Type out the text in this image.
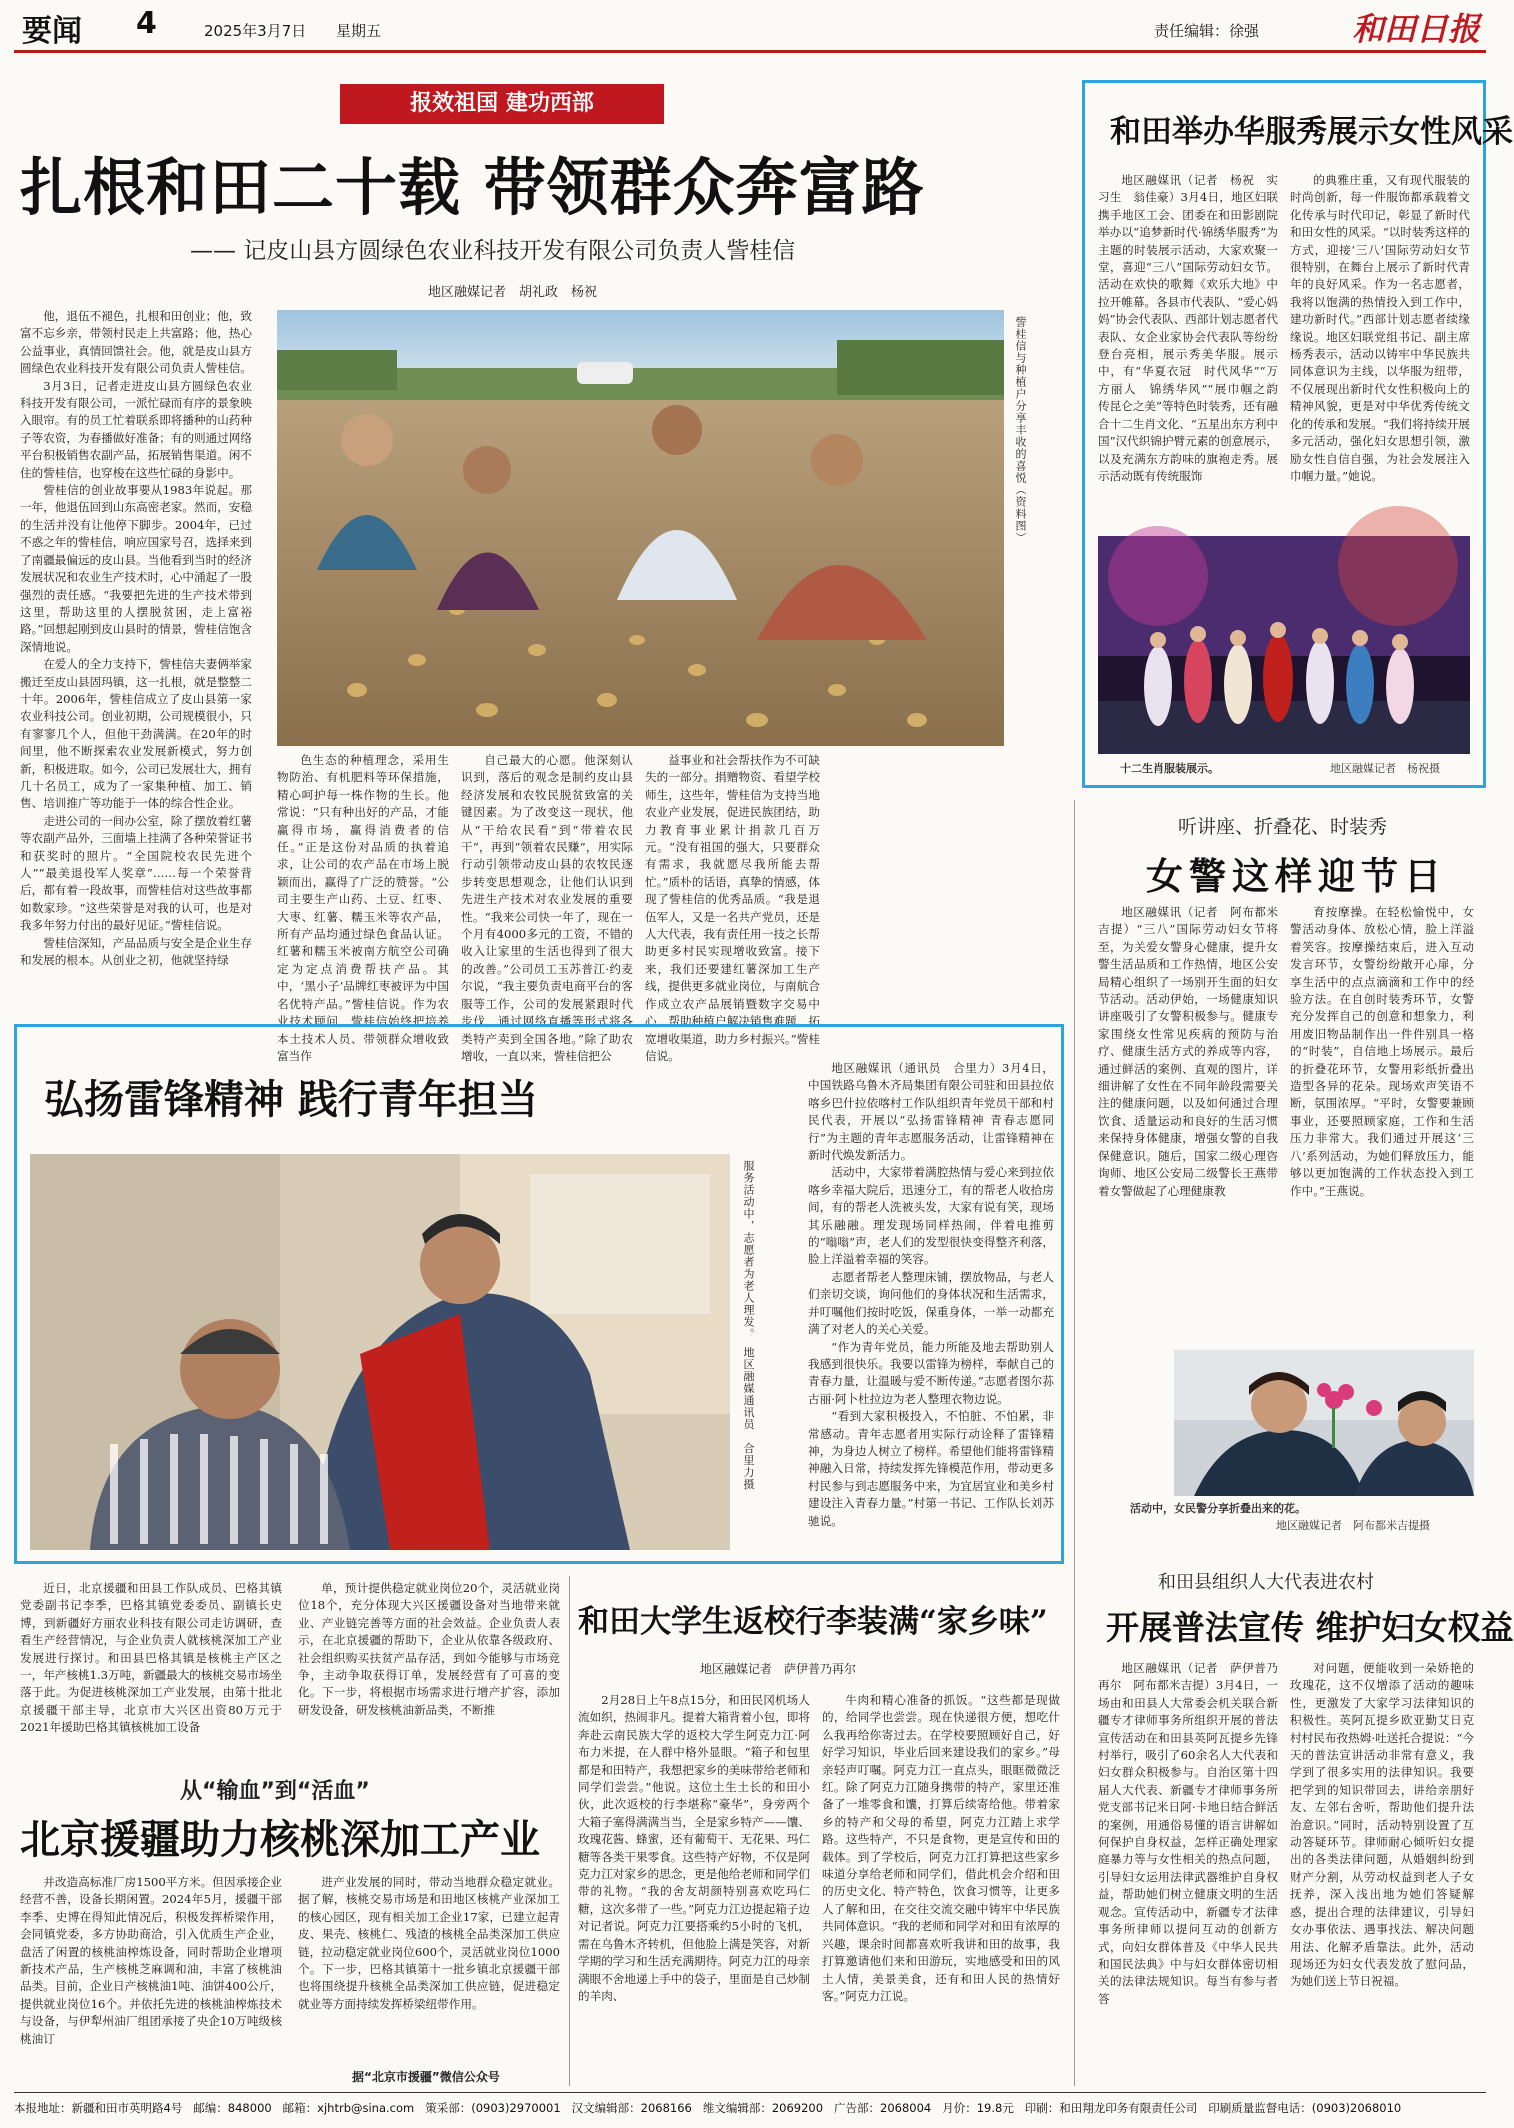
要闻 4	2025年3月7日 星期五	责任编辑：徐强	和田日报
报效祖国 建功西部
扎根和田二十载 带领群众奔富路
—— 记皮山县方圆绿色农业科技开发有限公司负责人訾桂信
地区融媒记者　胡礼政　杨祝

他，退伍不褪色，扎根和田创业；他，致富不忘乡亲，带领村民走上共富路；他，热心公益事业，真情回馈社会。他，就是皮山县方圆绿色农业科技开发有限公司负责人訾桂信。

3月3日，记者走进皮山县方圆绿色农业科技开发有限公司，一派忙碌而有序的景象映入眼帘。有的员工忙着联系即将播种的山药种子等农资，为春播做好准备；有的则通过网络平台积极销售农副产品，拓展销售渠道。闲不住的訾桂信，也穿梭在这些忙碌的身影中。

訾桂信的创业故事要从1983年说起。那一年，他退伍回到山东高密老家。然而，安稳的生活并没有让他停下脚步。2004年，已过不惑之年的訾桂信，响应国家号召，选择来到了南疆最偏远的皮山县。当他看到当时的经济发展状况和农业生产技术时，心中涌起了一股强烈的责任感。“我要把先进的生产技术带到这里，帮助这里的人摆脱贫困，走上富裕路。”回想起刚到皮山县时的情景，訾桂信饱含深情地说。

在爱人的全力支持下，訾桂信夫妻俩举家搬迁至皮山县固玛镇，这一扎根，就是整整二十年。2006年，訾桂信成立了皮山县第一家农业科技公司。创业初期，公司规模很小，只有寥寥几个人，但他干劲满满。在20年的时间里，他不断探索农业发展新模式，努力创新，积极进取。如今，公司已发展壮大，拥有几十名员工，成为了一家集种植、加工、销售、培训推广等功能于一体的综合性企业。

走进公司的一间办公室，除了摆放着红薯等农副产品外，三面墙上挂满了各种荣誉证书和获奖时的照片。“全国院校农民先进个人”“最美退役军人奖章”……每一个荣誉背后，都有着一段故事，而訾桂信对这些故事都如数家珍。“这些荣誉是对我的认可，也是对我多年努力付出的最好见证。”訾桂信说。

訾桂信深知，产品品质与安全是企业生存和发展的根本。从创业之初，他就坚持绿

訾桂信与种植户分享丰收的喜悦（资料图）

色生态的种植理念，采用生物防治、有机肥料等环保措施，精心呵护每一株作物的生长。他常说：“只有种出好的产品，才能赢得市场，赢得消费者的信任。”正是这份对品质的执着追求，让公司的农产品在市场上脱颖而出，赢得了广泛的赞誉。“公司主要生产山药、土豆、红枣、大枣、红薯、糯玉米等农产品，所有产品均通过绿色食品认证。红薯和糯玉米被南方航空公司确定为定点消费帮扶产品。其中，‘黑小子’品牌红枣被评为中国名优特产品。”訾桂信说。作为农业技术顾问，訾桂信始终把培养本土技术人员、带领群众增收致富当作

自己最大的心愿。他深刻认识到，落后的观念是制约皮山县经济发展和农牧民脱贫致富的关键因素。为了改变这一现状，他从“干给农民看”到“带着农民干”，再到“领着农民赚”，用实际行动引领带动皮山县的农牧民逐步转变思想观念，让他们认识到先进生产技术对农业发展的重要性。“我来公司快一年了，现在一个月有4000多元的工资，不错的收入让家里的生活也得到了很大的改善。”公司员工玉苏普江·约麦尔说，“我主要负责电商平台的客服等工作，公司的发展紧跟时代步伐，通过网络直播等形式将各类特产卖到全国各地。”除了助农增收，一直以来，訾桂信把公

益事业和社会帮扶作为不可缺失的一部分。捐赠物资、看望学校师生，这些年，訾桂信为支持当地农业产业发展，促进民族团结，助力教育事业累计捐款几百万元。“没有祖国的强大，只要群众有需求，我就愿尽我所能去帮忙。”质朴的话语，真挚的情感，体现了訾桂信的优秀品质。“我是退伍军人，又是一名共产党员，还是人大代表，我有责任用一技之长帮助更多村民实现增收致富。接下来，我们还要建红薯深加工生产线，提供更多就业岗位，与南航合作成立农产品展销暨数字交易中心，帮助种植户解决销售难题，拓宽增收渠道，助力乡村振兴。”訾桂信说。

弘扬雷锋精神 践行青年担当
服务活动中，志愿者为老人理发。　地区融媒通讯员　合里力摄

地区融媒讯（通讯员　合里力）3月4日，中国铁路乌鲁木齐局集团有限公司驻和田县拉依喀乡巴什拉依喀村工作队组织青年党员干部和村民代表，开展以“弘扬雷锋精神 青春志愿同行”为主题的青年志愿服务活动，让雷锋精神在新时代焕发新活力。

活动中，大家带着满腔热情与爱心来到拉依喀乡幸福大院后，迅速分工，有的帮老人收拾房间，有的帮老人洗被头发，大家有说有笑，现场其乐融融。理发现场同样热闹，伴着电推剪的“嗡嗡”声，老人们的发型很快变得整齐利落，脸上洋溢着幸福的笑容。

志愿者帮老人整理床铺，摆放物品，与老人们亲切交谈，询问他们的身体状况和生活需求，并叮嘱他们按时吃饭，保重身体，一举一动都充满了对老人的关心关爱。

“作为青年党员，能力所能及地去帮助别人我感到很快乐。我要以雷锋为榜样，奉献自己的青春力量，让温暖与爱不断传递。”志愿者图尔荪古丽·阿卜杜拉边为老人整理衣物边说。

“看到大家积极投入，不怕脏、不怕累，非常感动。青年志愿者用实际行动诠释了雷锋精神，为身边人树立了榜样。希望他们能将雷锋精神融入日常，持续发挥先锋模范作用，带动更多村民参与到志愿服务中来，为宜居宜业和美乡村建设注入青春力量。”村第一书记、工作队长刘苏驰说。

近日，北京援疆和田县工作队成员、巴格其镇党委副书记李季，巴格其镇党委委员、副镇长史博，到新疆好方丽农业科技有限公司走访调研，查看生产经营情况，与企业负责人就核桃深加工产业发展进行探讨。和田县巴格其镇是核桃主产区之一，年产核桃1.3万吨，新疆最大的核桃交易市场坐落于此。为促进核桃深加工产业发展，由第十批北京援疆干部主导，北京市大兴区出资80万元于2021年援助巴格其镇核桃加工设备

单，预计提供稳定就业岗位20个，灵活就业岗位18个，充分体现大兴区援疆设备对当地带来就业、产业链完善等方面的社会效益。企业负责人表示，在北京援疆的帮助下，企业从依靠各级政府、社会组织购买扶贫产品存活，到如今能够与市场竞争，主动争取获得订单，发展经营有了可喜的变化。下一步，将根据市场需求进行增产扩容，添加研发设备，研发核桃油新品类，不断推

从“输血”到“活血”
北京援疆助力核桃深加工产业

并改造高标准厂房1500平方米。但因承接企业经营不善，设备长期闲置。2024年5月，援疆干部李季、史博在得知此情况后，积极发挥桥梁作用，会同镇党委，多方协助商洽，引入优质生产企业，盘活了闲置的核桃油榨炼设备，同时帮助企业增项新技术产品，生产核桃芝麻调和油，丰富了核桃油品类。目前，企业日产核桃油1吨、油饼400公斤，提供就业岗位16个。并依托先进的核桃油榨炼技术与设备，与伊犁州油厂组团承接了央企10万吨级核桃油订

进产业发展的同时，带动当地群众稳定就业。据了解，核桃交易市场是和田地区核桃产业深加工的核心园区，现有相关加工企业17家，已建立起青皮、果壳、核桃仁、残渣的核桃全品类深加工供应链，拉动稳定就业岗位600个，灵活就业岗位1000个。下一步，巴格其镇第十一批乡镇北京援疆干部也将围绕提升核桃全品类深加工供应链，促进稳定就业等方面持续发挥桥梁纽带作用。

据“北京市援疆”微信公众号
和田大学生返校行李装满“家乡味”
地区融媒记者　萨伊普乃再尔

2月28日上午8点15分，和田民冈机场人流如织，热闹非凡。提着大箱背着小包，即将奔赴云南民族大学的返校大学生阿克力江·阿布力米提，在人群中格外显眼。“箱子和包里都是和田特产，我想把家乡的美味带给老师和同学们尝尝。”他说。这位土生土长的和田小伙，此次返校的行李堪称“豪华”，身旁两个大箱子塞得满满当当，全是家乡特产——馕、玫瑰花酱、蜂蜜，还有葡萄干、无花果、玛仁糖等各类干果零食。这些特产好物，不仅是阿克力江对家乡的思念，更是他给老师和同学们带的礼物。“我的舍友胡颜特别喜欢吃玛仁糖，这次多带了一些。”阿克力江边提起箱子边对记者说。阿克力江要搭乘约5小时的飞机，需在乌鲁木齐转机，但他脸上满是笑容，对新学期的学习和生活充满期待。阿克力江的母亲满眼不舍地递上手中的袋子，里面是自己炒制的羊肉、

牛肉和精心准备的抓饭。“这些都是现做的，给同学也尝尝。现在快递很方便，想吃什么我再给你寄过去。在学校要照顾好自己，好好学习知识，毕业后回来建设我们的家乡。”母亲轻声叮嘱。阿克力江一直点头，眼眶微微泛红。除了阿克力江随身携带的特产，家里还准备了一堆零食和馕，打算后续寄给他。带着家乡的特产和父母的希望，阿克力江踏上求学路。这些特产，不只是食物，更是宣传和田的载体。到了学校后，阿克力江打算把这些家乡味道分享给老师和同学们，借此机会介绍和田的历史文化、特产特色，饮食习惯等，让更多人了解和田，在交往交流交融中铸牢中华民族共同体意识。“我的老师和同学对和田有浓厚的兴趣，课余时间都喜欢听我讲和田的故事，我打算邀请他们来和田游玩，实地感受和田的风土人情，美景美食，还有和田人民的热情好客。”阿克力江说。

和田举办华服秀展示女性风采

地区融媒讯（记者　杨祝　实习生　翁佳豪）3月4日，地区妇联携手地区工会、团委在和田影剧院举办以“追梦新时代·锦绣华服秀”为主题的时装展示活动，大家欢聚一堂，喜迎“三八”国际劳动妇女节。活动在欢快的歌舞《欢乐大地》中拉开帷幕。各县市代表队、“爱心妈妈”协会代表队、西部计划志愿者代表队、女企业家协会代表队等纷纷登台亮相，展示秀美华服。展示中，有“华夏衣冠　时代风华”“万方丽人　锦绣华风”“展巾帼之韵　传昆仑之美”等特色时装秀，还有融合十二生肖文化、“五星出东方利中国”汉代织锦护臂元素的创意展示，以及充满东方韵味的旗袍走秀。展示活动既有传统服饰

的典雅庄重，又有现代服装的时尚创新，每一件服饰都承载着文化传承与时代印记，彰显了新时代和田女性的风采。“以时装秀这样的方式，迎接‘三八’国际劳动妇女节很特别，在舞台上展示了新时代青年的良好风采。作为一名志愿者，我将以饱满的热情投入到工作中，建功新时代。”西部计划志愿者续缘缘说。地区妇联党组书记、副主席杨秀表示，活动以铸牢中华民族共同体意识为主线，以华服为纽带，不仅展现出新时代女性积极向上的精神风貌，更是对中华优秀传统文化的传承和发展。“我们将持续开展多元活动，强化妇女思想引领，激励女性自信自强，为社会发展注入巾帼力量。”她说。

十二生肖服装展示。	地区融媒记者　杨祝摄
听讲座、折叠花、时装秀
女警这样迎节日

地区融媒讯（记者　阿布都米吉提）“三八”国际劳动妇女节将至，为关爱女警身心健康，提升女警生活品质和工作热情，地区公安局精心组织了一场别开生面的妇女节活动。活动伊始，一场健康知识讲座吸引了女警积极参与。健康专家围绕女性常见疾病的预防与治疗、健康生活方式的养成等内容，通过鲜活的案例、直观的图片，详细讲解了女性在不同年龄段需要关注的健康问题，以及如何通过合理饮食、适量运动和良好的生活习惯来保持身体健康，增强女警的自我保健意识。随后，国家二级心理咨询师、地区公安局二级警长王燕带着女警做起了心理健康教

育按摩操。在轻松愉悦中，女警活动身体、放松心情，脸上洋溢着笑容。按摩操结束后，进入互动发言环节，女警纷纷敞开心扉，分享生活中的点点滴滴和工作中的经验方法。在自创时装秀环节，女警充分发挥自己的创意和想象力，利用废旧物品制作出一件件别具一格的“时装”，自信地上场展示。最后的折叠花环节，女警用彩纸折叠出造型各异的花朵。现场欢声笑语不断，氛围浓厚。“平时，女警要兼顾事业，还要照顾家庭，工作和生活压力非常大。我们通过开展这‘三八’系列活动，为她们释放压力，能够以更加饱满的工作状态投入到工作中。”王燕说。

活动中，女民警分享折叠出来的花。
地区融媒记者　阿布都米吉提摄
和田县组织人大代表进农村
开展普法宣传 维护妇女权益

地区融媒讯（记者　萨伊普乃再尔　阿布都米吉提）3月4日，一场由和田县人大常委会机关联合新疆专才律师事务所组织开展的普法宣传活动在和田县英阿瓦提乡先锋村举行，吸引了60余名人大代表和妇女群众积极参与。自治区第十四届人大代表、新疆专才律师事务所党支部书记米日阿·卡地日结合鲜活的案例，用通俗易懂的语言讲解如何保护自身权益，怎样正确处理家庭暴力等与女性相关的热点问题，引导妇女运用法律武器维护自身权益，帮助她们树立健康文明的生活观念。宣传活动中，新疆专才法律事务所律师以提问互动的创新方式，向妇女群体普及《中华人民共和国民法典》中与妇女群体密切相关的法律法规知识。每当有参与者答

对问题，便能收到一朵娇艳的玫瑰花，这不仅增添了活动的趣味性，更激发了大家学习法律知识的积极性。英阿瓦提乡欧亚勤艾日克村村民布孜热姆·吐送托合提说：“今天的普法宣讲活动非常有意义，我学到了很多实用的法律知识。我要把学到的知识带回去，讲给亲朋好友、左邻右舍听，帮助他们提升法治意识。”同时，活动特别设置了互动答疑环节。律师耐心倾听妇女提出的各类法律问题，从婚姻纠纷到财产分割，从劳动权益到老人子女抚养，深入浅出地为她们答疑解惑，提出合理的法律建议，引导妇女办事依法、遇事找法、解决问题用法、化解矛盾靠法。此外，活动现场还为妇女代表发放了慰问品，为她们送上节日祝福。

本报地址：新疆和田市英明路4号 邮编：848000 邮箱：xjhtrb@sina.com 策采部：(0903)2970001 汉文编辑部：2068166 维文编辑部：2069200 广告部：2068004 月价：19.8元 印刷：和田翔龙印务有限责任公司 印刷质量监督电话：(0903)2068010
